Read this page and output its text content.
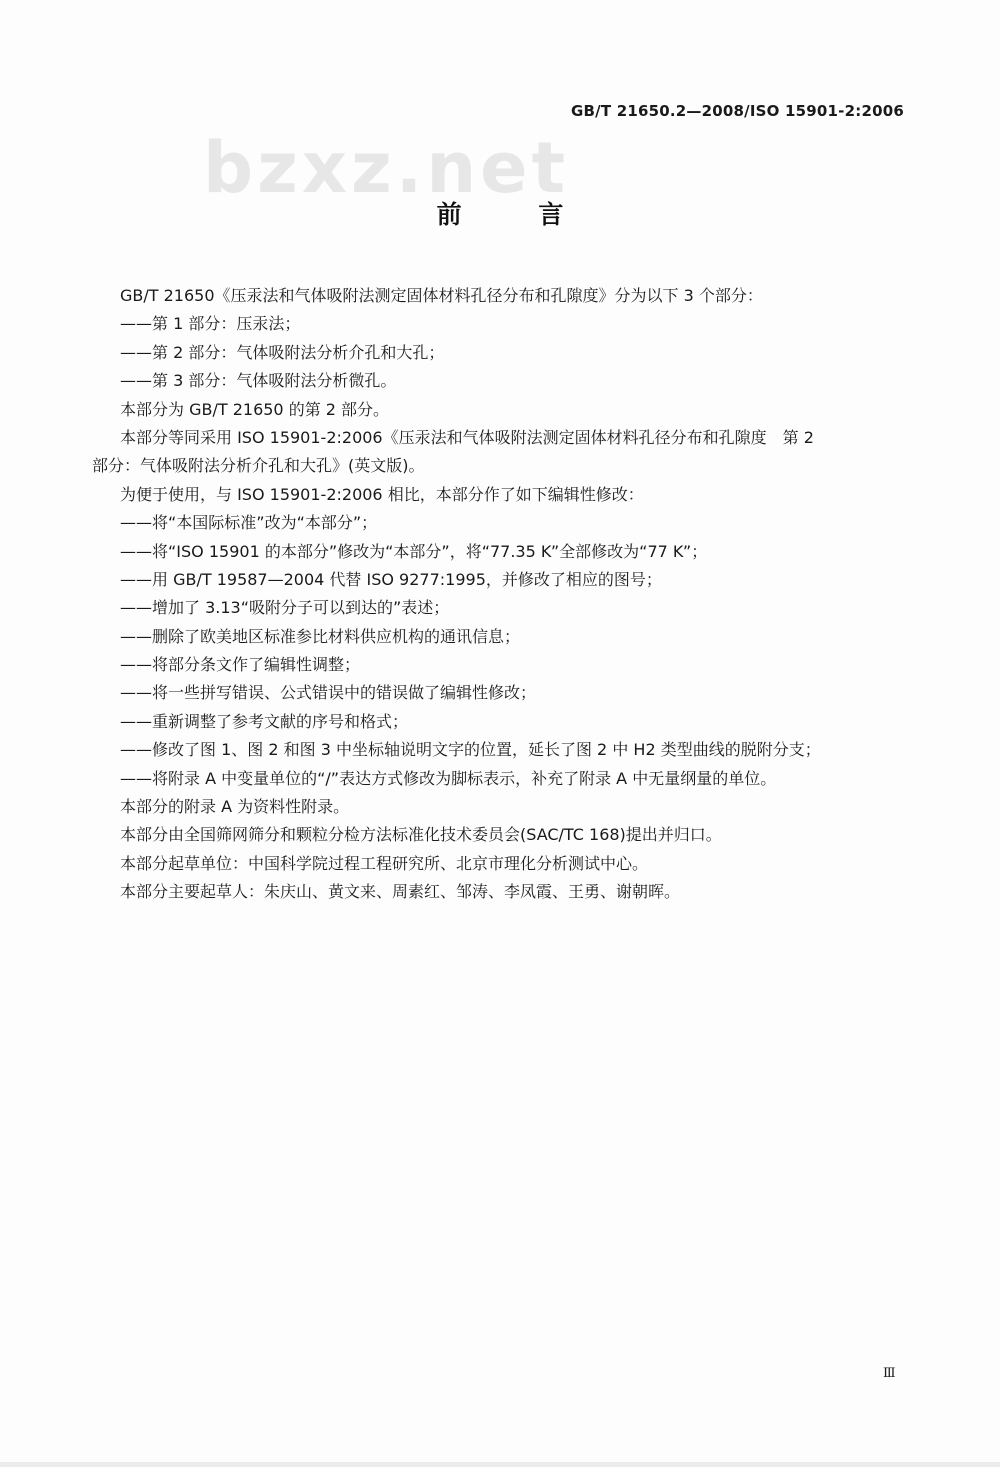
GB/T 21650.2—2008/ISO 15901-2:2006
bzxz.net
前 言
GB/T 21650《压汞法和气体吸附法测定固体材料孔径分布和孔隙度》分为以下 3 个部分：
——第 1 部分：压汞法；
——第 2 部分：气体吸附法分析介孔和大孔；
——第 3 部分：气体吸附法分析微孔。
本部分为 GB/T 21650 的第 2 部分。
本部分等同采用 ISO 15901-2:2006《压汞法和气体吸附法测定固体材料孔径分布和孔隙度　第 2
部分：气体吸附法分析介孔和大孔》(英文版)。
为便于使用，与 ISO 15901-2:2006 相比，本部分作了如下编辑性修改：
——将“本国际标准”改为“本部分”；
——将“ISO 15901 的本部分”修改为“本部分”，将“77.35 K”全部修改为“77 K”；
——用 GB/T 19587—2004 代替 ISO 9277:1995，并修改了相应的图号；
——增加了 3.13“吸附分子可以到达的”表述；
——删除了欧美地区标准参比材料供应机构的通讯信息；
——将部分条文作了编辑性调整；
——将一些拼写错误、公式错误中的错误做了编辑性修改；
——重新调整了参考文献的序号和格式；
——修改了图 1、图 2 和图 3 中坐标轴说明文字的位置，延长了图 2 中 H2 类型曲线的脱附分支；
——将附录 A 中变量单位的“/”表达方式修改为脚标表示，补充了附录 A 中无量纲量的单位。
本部分的附录 A 为资料性附录。
本部分由全国筛网筛分和颗粒分检方法标准化技术委员会(SAC/TC 168)提出并归口。
本部分起草单位：中国科学院过程工程研究所、北京市理化分析测试中心。
本部分主要起草人：朱庆山、黄文来、周素红、邹涛、李凤霞、王勇、谢朝晖。
Ⅲ
